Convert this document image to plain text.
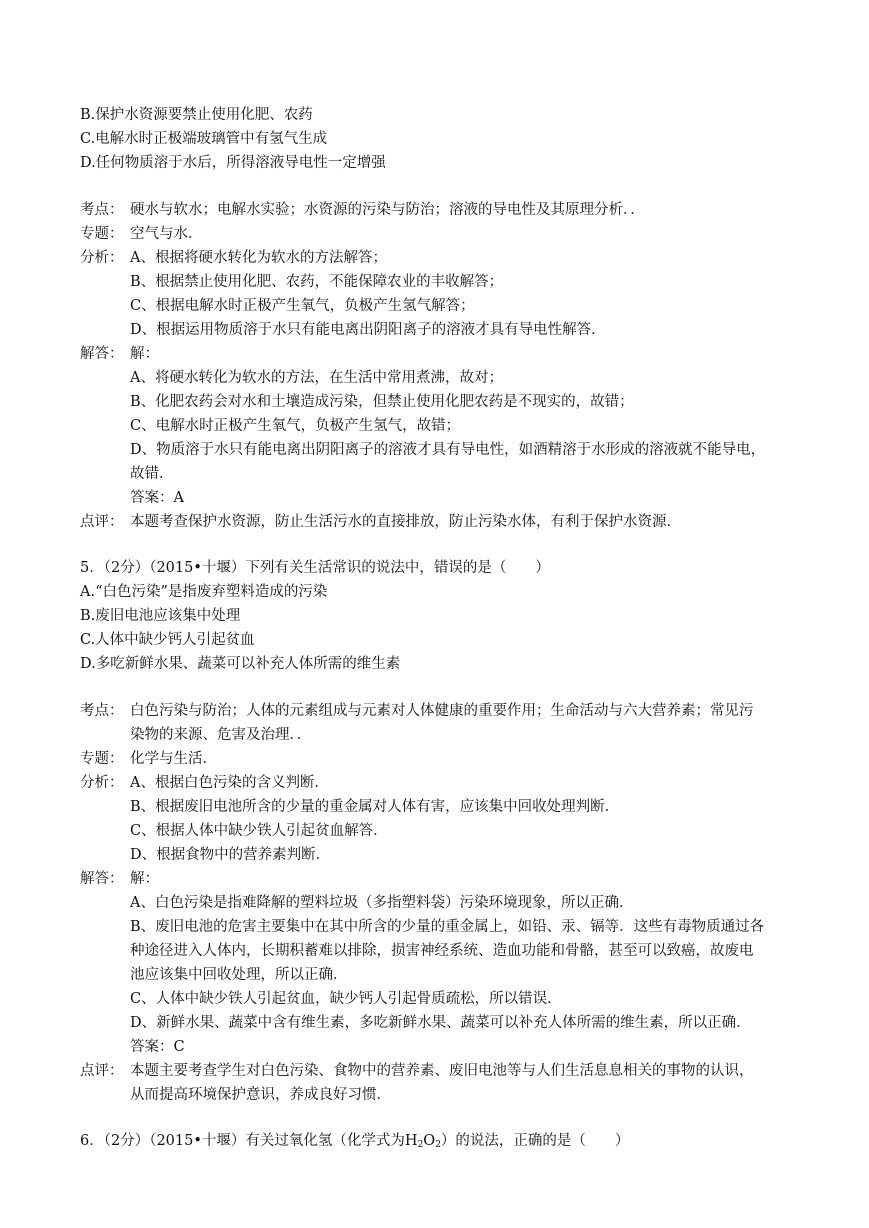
B.保护水资源要禁止使用化肥、农药
C.电解水时正极端玻璃管中有氢气生成
D.任何物质溶于水后，所得溶液导电性一定增强
考点： 硬水与软水；电解水实验；水资源的污染与防治；溶液的导电性及其原理分析．．
专题： 空气与水．
分析： A、根据将硬水转化为软水的方法解答；
B、根据禁止使用化肥、农药，不能保障农业的丰收解答；
C、根据电解水时正极产生氧气，负极产生氢气解答；
D、根据运用物质溶于水只有能电离出阴阳离子的溶液才具有导电性解答．
解答： 解：
A、将硬水转化为软水的方法，在生活中常用煮沸，故对；
B、化肥农药会对水和土壤造成污染，但禁止使用化肥农药是不现实的，故错；
C、电解水时正极产生氧气，负极产生氢气，故错；
D、物质溶于水只有能电离出阴阳离子的溶液才具有导电性，如酒精溶于水形成的溶液就不能导电，
故错．
答案：A
点评： 本题考查保护水资源，防止生活污水的直接排放，防止污染水体，有利于保护水资源．
5．（2分）（2015•十堰）下列有关生活常识的说法中，错误的是（　　）
A.“白色污染”是指废弃塑料造成的污染
B.废旧电池应该集中处理
C.人体中缺少钙人引起贫血
D.多吃新鲜水果、蔬菜可以补充人体所需的维生素
考点： 白色污染与防治；人体的元素组成与元素对人体健康的重要作用；生命活动与六大营养素；常见污
染物的来源、危害及治理．．
专题： 化学与生活．
分析： A、根据白色污染的含义判断．
B、根据废旧电池所含的少量的重金属对人体有害，应该集中回收处理判断．
C、根据人体中缺少铁人引起贫血解答．
D、根据食物中的营养素判断．
解答： 解：
A、白色污染是指难降解的塑料垃圾（多指塑料袋）污染环境现象，所以正确．
B、废旧电池的危害主要集中在其中所含的少量的重金属上，如铅、汞、镉等．这些有毒物质通过各
种途径进入人体内，长期积蓄难以排除，损害神经系统、造血功能和骨骼，甚至可以致癌，故废电
池应该集中回收处理，所以正确．
C、人体中缺少铁人引起贫血，缺少钙人引起骨质疏松，所以错误．
D、新鲜水果、蔬菜中含有维生素，多吃新鲜水果、蔬菜可以补充人体所需的维生素，所以正确．
答案：C
点评： 本题主要考查学生对白色污染、食物中的营养素、废旧电池等与人们生活息息相关的事物的认识，
从而提高环境保护意识，养成良好习惯．
6．（2分）（2015•十堰）有关过氧化氢（化学式为$H_2O_2$）的说法，正确的是（　　）
